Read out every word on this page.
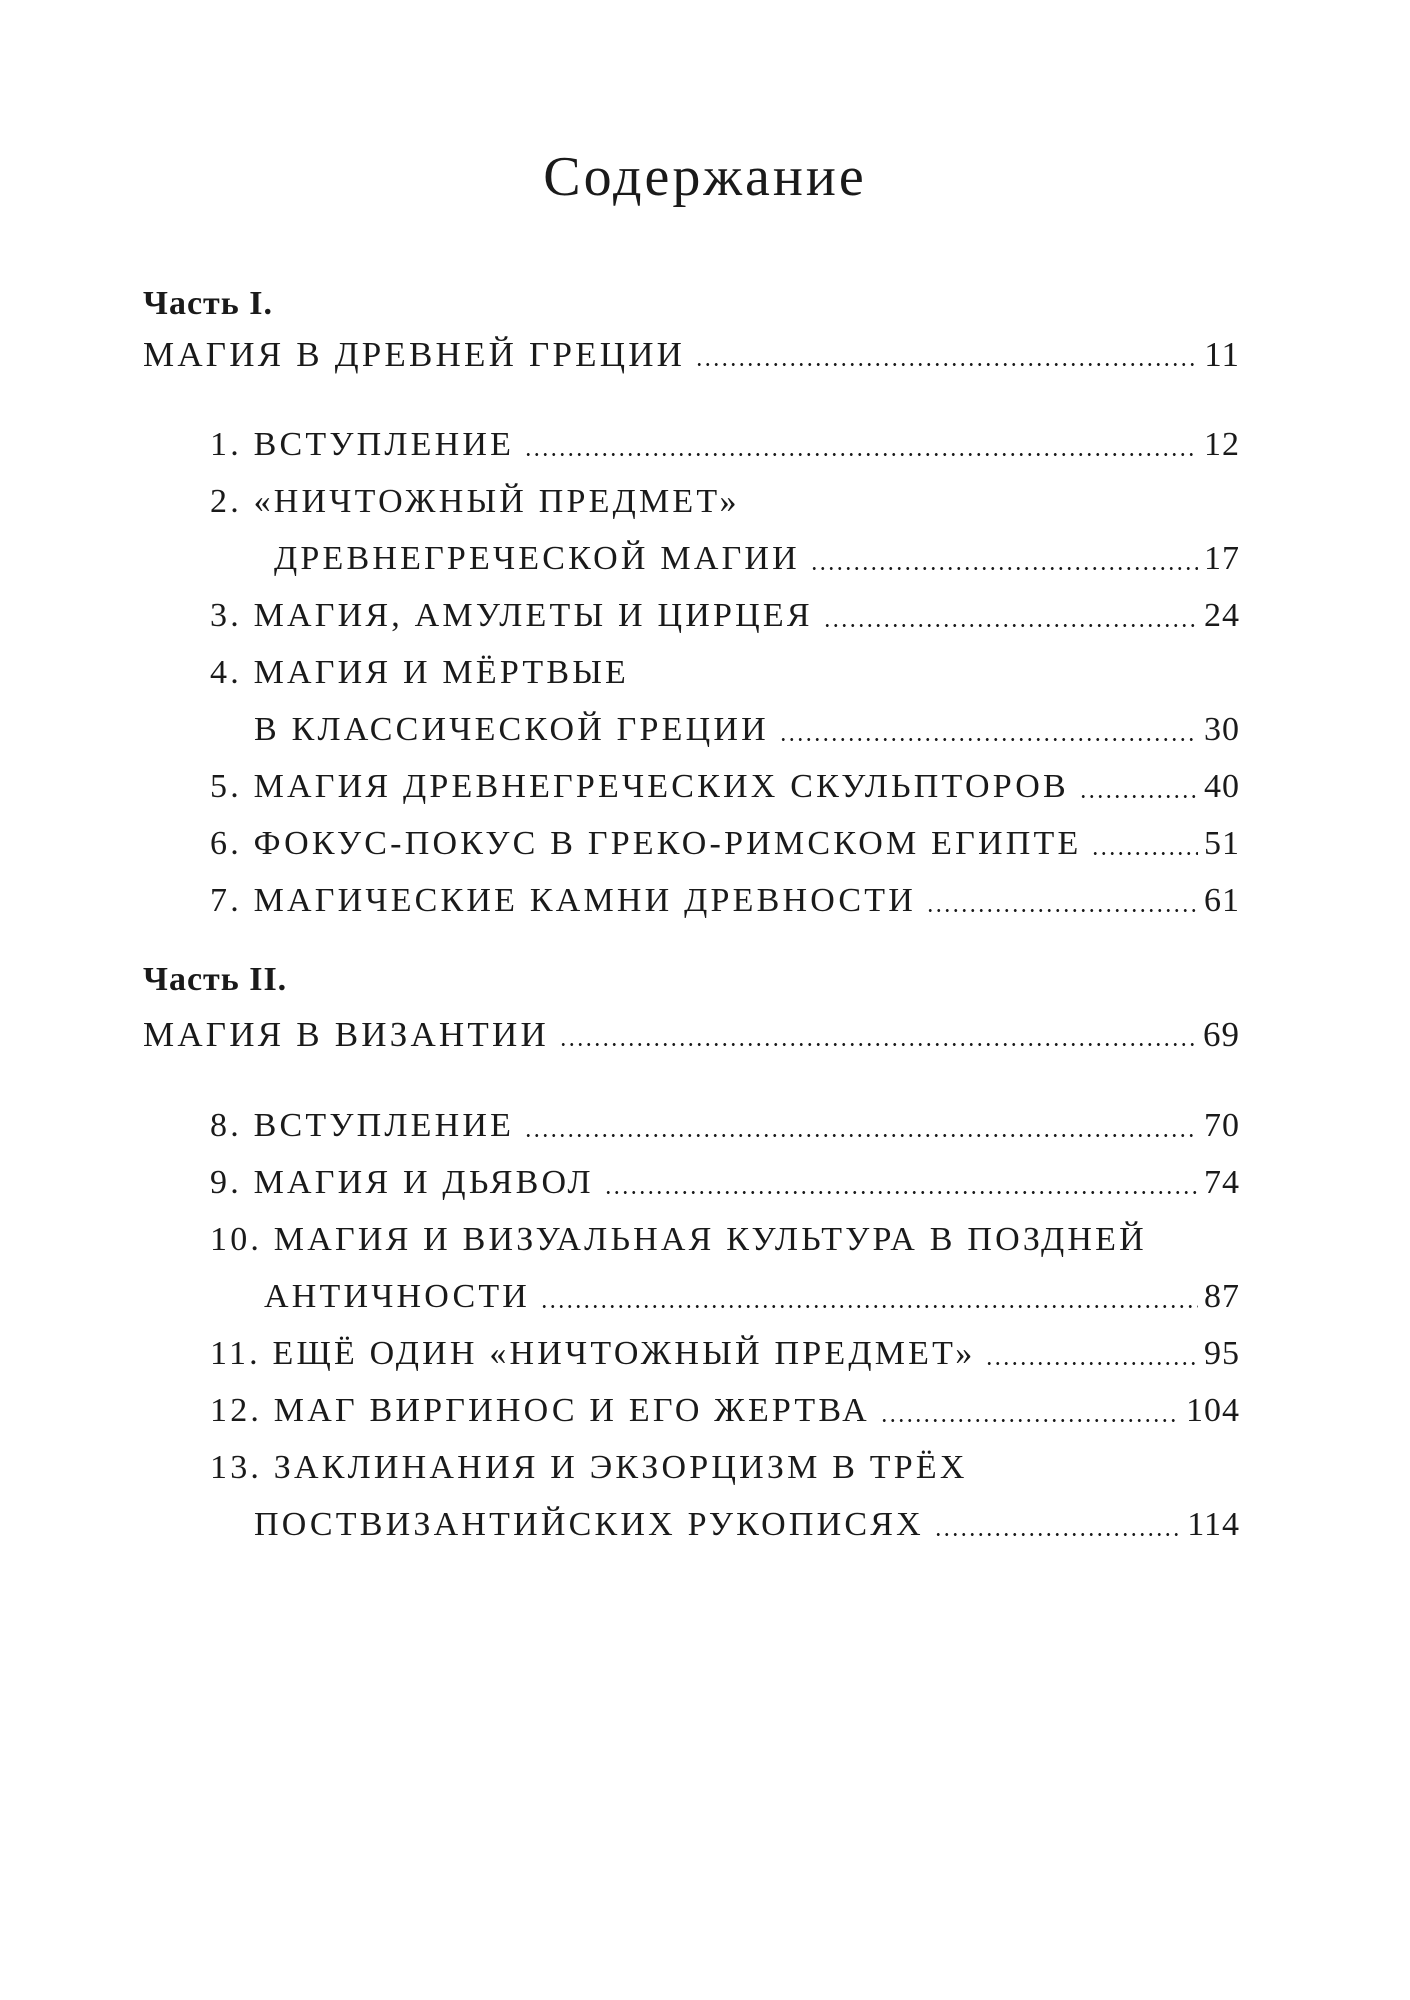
Содержание
Часть I.
МАГИЯ В ДРЕВНЕЙ ГРЕЦИИ	11
1. ВСТУПЛЕНИЕ	12
2. «НИЧТОЖНЫЙ ПРЕДМЕТ»
ДРЕВНЕГРЕЧЕСКОЙ МАГИИ	17
3. МАГИЯ, АМУЛЕТЫ И ЦИРЦЕЯ	24
4. МАГИЯ И МЁРТВЫЕ
В КЛАССИЧЕСКОЙ ГРЕЦИИ	30
5. МАГИЯ ДРЕВНЕГРЕЧЕСКИХ СКУЛЬПТОРОВ	40
6. ФОКУС-ПОКУС В ГРЕКО-РИМСКОМ ЕГИПТЕ	51
7. МАГИЧЕСКИЕ КАМНИ ДРЕВНОСТИ	61
Часть II.
МАГИЯ В ВИЗАНТИИ	69
8. ВСТУПЛЕНИЕ	70
9. МАГИЯ И ДЬЯВОЛ	74
10. МАГИЯ И ВИЗУАЛЬНАЯ КУЛЬТУРА В ПОЗДНЕЙ
АНТИЧНОСТИ	87
11. ЕЩЁ ОДИН «НИЧТОЖНЫЙ ПРЕДМЕТ»	95
12. МАГ ВИРГИНОС И ЕГО ЖЕРТВА	104
13. ЗАКЛИНАНИЯ И ЭКЗОРЦИЗМ В ТРЁХ
ПОСТВИЗАНТИЙСКИХ РУКОПИСЯХ	114
